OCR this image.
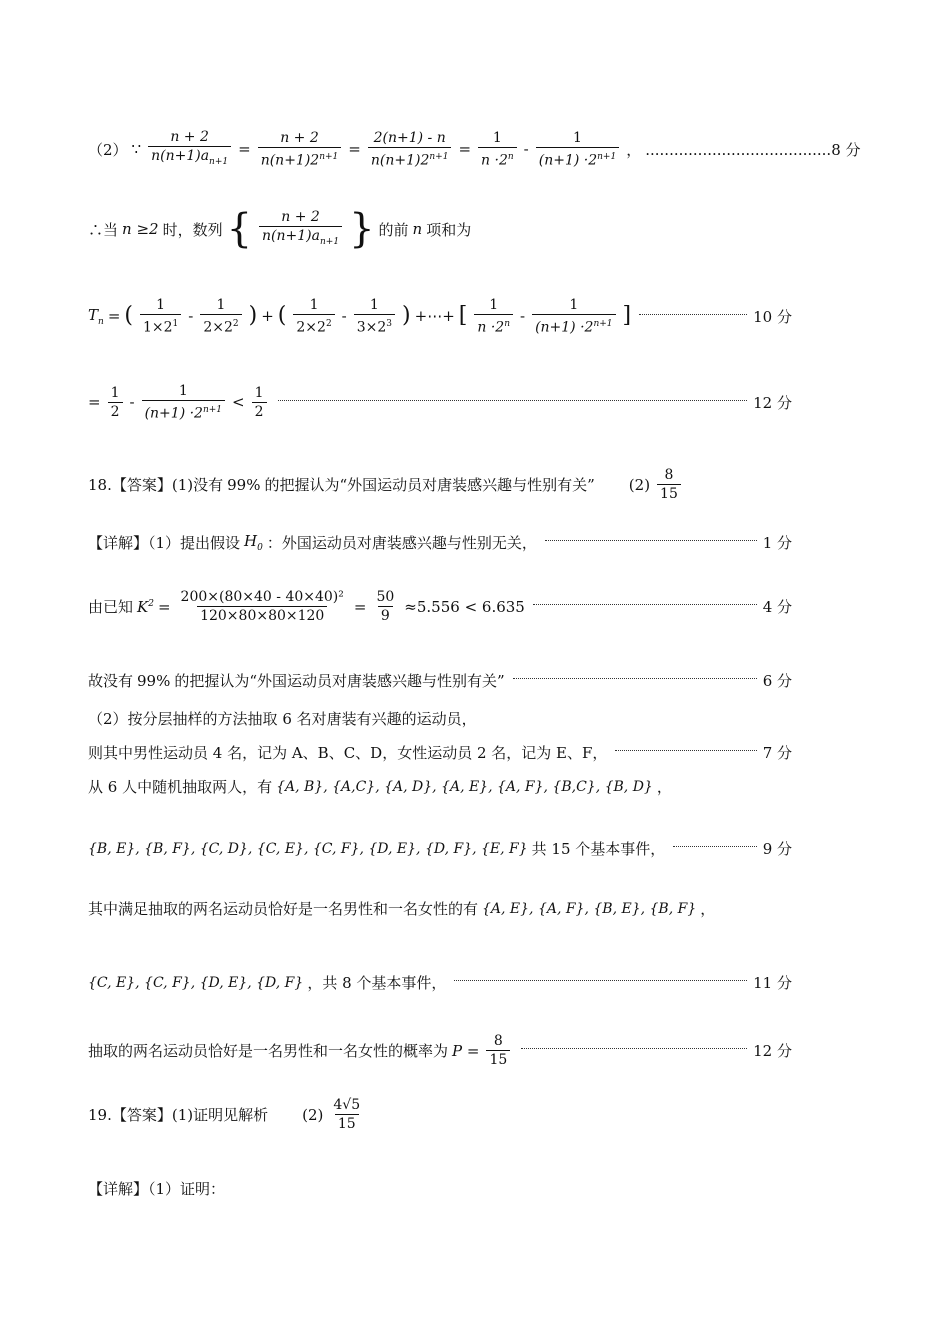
（2） ∵ $\frac{n + 2}{n(n+1)a_{n+1}} = \frac{n + 2}{n(n+1)2^{n+1}} = \frac{2(n+1) - n}{n(n+1)2^{n+1}} = \frac{1}{n \cdot 2^n} - \frac{1}{(n+1) \cdot 2^{n+1}}$ ， .......................................8 分
∴当 n ≥2 时，数列 { $\frac{n + 2}{n(n+1)a_{n+1}}$ } 的前 n 项和为
$T_n$ = ( $\frac{1}{1\times 2^1} - \frac{1}{2\times 2^2}$ ) + ( $\frac{1}{2\times 2^2} - \frac{1}{3\times 2^3}$ ) +⋯+ [ $\frac{1}{n \cdot 2^n} - \frac{1}{(n+1) \cdot 2^{n+1}}$ ]	10 分
= $\frac{1}{2} - \frac{1}{(n+1) \cdot 2^{n+1}} < \frac{1}{2}$	12 分
18.【答案】(1)没有 99% 的把握认为“外国运动员对唐装感兴趣与性别有关” $(2) \frac{8}{15}$
【详解】（1）提出假设 $H_0$ ：外国运动员对唐装感兴趣与性别无关，	1 分
由已知 $K^2 = \frac{\text{200×(80×40 - 40×40)²}}{120\times 80\times 80\times 120} = \frac{50}{9} \approx 5.556 < 6.635$	4 分
故没有 99% 的把握认为“外国运动员对唐装感兴趣与性别有关”	6 分
（2）按分层抽样的方法抽取 6 名对唐装有兴趣的运动员，
则其中男性运动员 4 名，记为 A、B、C、D，女性运动员 2 名，记为 E、F，	7 分
从 6 人中随机抽取两人，有 {A, B}, {A,C}, {A, D}, {A, E}, {A, F}, {B,C}, {B, D} ，
{B, E}, {B, F}, {C, D}, {C, E}, {C, F}, {D, E}, {D, F}, {E, F} 共 15 个基本事件，	9 分
其中满足抽取的两名运动员恰好是一名男性和一名女性的有 {A, E}, {A, F}, {B, E}, {B, F} ，
{C, E}, {C, F}, {D, E}, {D, F} ，共 8 个基本事件，	11 分
抽取的两名运动员恰好是一名男性和一名女性的概率为 $P = \frac{8}{15}$	12 分
19.【答案】(1)证明见解析 $(2) \frac{4√5}{15}$
【详解】（1）证明：
